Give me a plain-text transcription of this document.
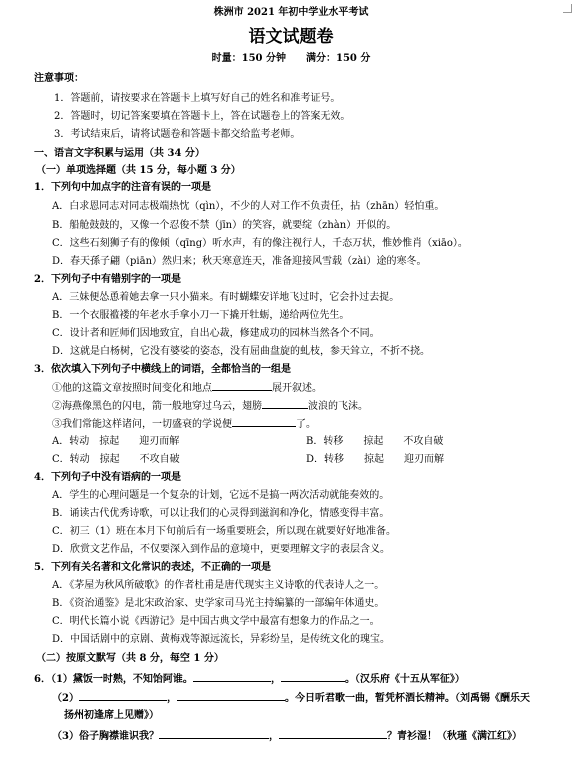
株洲市 2021 年初中学业水平考试
语文试题卷
时量：150 分钟　　满分：150 分
注意事项：
1．答题前，请按要求在答题卡上填写好自己的姓名和准考证号。
2．答题时，切记答案要填在答题卡上，答在试题卷上的答案无效。
3．考试结束后，请将试题卷和答题卡都交给监考老师。
一、语言文字积累与运用（共 34 分）
（一）单项选择题（共 15 分，每小题 3 分）
1．下列句中加点字的注音有误的一项是
A．白求恩同志对同志极端热忱（qìn），不少的人对工作不负责任，拈（zhān）轻怕重。
B．船舱鼓鼓的，又像一个忍俊不禁（jīn）的笑容，就要绽（zhàn）开似的。
C．这些石刻狮子有的像倾（qīng）听水声，有的像注视行人，千态万状，惟妙惟肖（xiāo）。
D．春天孫子翩（piān）然归来；秋天寒意连天，准备迎接风雪载（zài）途的寒冬。
2．下列句子中有错别字的一项是
A．三妹便怂恿着她去拿一只小猫来。有时蝴蝶安详地飞过时，它会扑过去捉。
B．一个衣服褴褛的年老水手拿小刀一下撬开牡蛎，递给两位先生。
C．设计者和匠师们因地致宜，自出心裁，修建成功的园林当然各个不同。
D．这就是白杨树，它没有婆娑的姿态，没有屈曲盘旋的虬枝，参天耸立，不折不挠。
3．依次填入下列句子中横线上的词语，全都恰当的一组是
①他的这篇文章按照时间变化和地点	展开叙述。
②海燕像黑色的闪电，箭一般地穿过乌云，翅膀	波浪的飞沫。
③我们常能这样诸问，一切盛衰的学说便	了。
A．转动　掠起　　迎刃而解	B．转移　　掠起　　不攻自破
C．转动　掠起　　不攻自破	D．转移　　掠起　　迎刃而解
4．下列句子中没有语病的一项是
A．学生的心理问题是一个复杂的计划，它远不是搞一两次活动就能奏效的。
B．诵读古代优秀诗歌，可以让我们的心灵得到滋润和净化，情感变得丰富。
C．初三（1）班在本月下旬前后有一场重要班会，所以现在就要好好地准备。
D．欣赏文艺作品，不仅要深入到作品的意境中，更要理解文字的表层含义。
5．下列有关名著和文化常识的表述，不正确的一项是
A．《茅屋为秋风所破歌》的作者杜甫是唐代现实主义诗歌的代表诗人之一。
B．《资治通鉴》是北宋政治家、史学家司马光主持编纂的一部编年体通史。
C．明代长篇小说《西游记》是中国古典文学中最富有想象力的作品之一。
D．中国话剧中的京剧、黄梅戏等源远流长，异彩纷呈，是传统文化的瑰宝。
（二）按原文默写（共 8 分，每空 1 分）
6．（1）黛饭一时熟，不知饴阿谁。	，	。（汉乐府《十五从军征》）
（2）	，	。今日听君歌一曲，暂凭杯酒长精神。（刘禹锡《酬乐天
扬州初逢席上见赠》）
（3）俗子胸襟谁识我？	，	？青衫湿！（秋瑾《满江红》）
